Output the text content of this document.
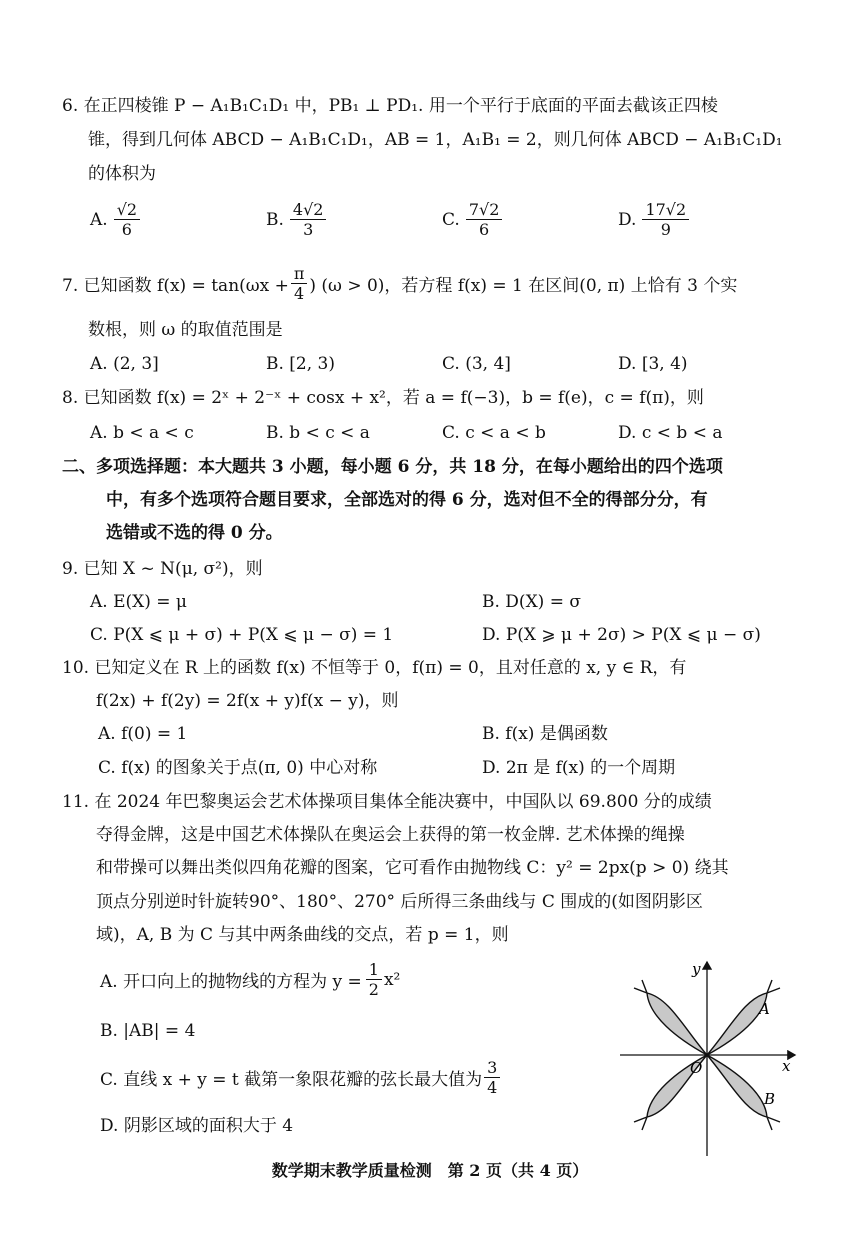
6. 在正四棱锥 P − A₁B₁C₁D₁ 中，PB₁ ⊥ PD₁. 用一个平行于底面的平面去截该正四棱
锥，得到几何体 ABCD − A₁B₁C₁D₁，AB = 1，A₁B₁ = 2，则几何体 ABCD − A₁B₁C₁D₁
的体积为
A. $\frac{√2}{6}$	B. $\frac{4√2}{3}$	C. $\frac{7√2}{6}$	D. $\frac{17√2}{9}$
7. 已知函数 $f(x) = \tan(\omega x + \frac{\pi}{4}$ ) (ω > 0)，若方程 f(x) = 1 在区间(0, π) 上恰有 3 个实
数根，则 ω 的取值范围是
A. (2, 3]	B. [2, 3)	C. (3, 4]	D. [3, 4)
8. 已知函数 f(x) = 2ˣ + 2⁻ˣ + cosx + x²，若 a = f(−3)，b = f(e)，c = f(π)，则
A. b < a < c	B. b < c < a	C. c < a < b	D. c < b < a
二、多项选择题：本大题共 3 小题，每小题 6 分，共 18 分，在每小题给出的四个选项
中，有多个选项符合题目要求，全部选对的得 6 分，选对但不全的得部分分，有
选错或不选的得 0 分。
9. 已知 X ~ N(μ, σ²)，则
A. E(X) = μ	B. D(X) = σ
C. P(X ⩽ μ + σ) + P(X ⩽ μ − σ) = 1	D. P(X ⩾ μ + 2σ) > P(X ⩽ μ − σ)
10. 已知定义在 R 上的函数 f(x) 不恒等于 0，f(π) = 0，且对任意的 x, y ∈ R，有
f(2x) + f(2y) = 2f(x + y)f(x − y)，则
A. f(0) = 1	B. f(x) 是偶函数
C. f(x) 的图象关于点(π, 0) 中心对称	D. 2π 是 f(x) 的一个周期
11. 在 2024 年巴黎奥运会艺术体操项目集体全能决赛中，中国队以 69.800 分的成绩
夺得金牌，这是中国艺术体操队在奥运会上获得的第一枚金牌. 艺术体操的绳操
和带操可以舞出类似四角花瓣的图案，它可看作由抛物线 C：y² = 2px(p > 0) 绕其
顶点分别逆时针旋转90°、180°、270° 后所得三条曲线与 C 围成的(如图阴影区
域)，A, B 为 C 与其中两条曲线的交点，若 p = 1，则
A. 开口向上的抛物线的方程为 $y = \frac{1}{2} x^2$
B. |AB| = 4
C. 直线 x + y = t 截第一象限花瓣的弦长最大值为 $\frac{3}{4}$
D. 阴影区域的面积大于 4
y
x
O
A
B
数学期末教学质量检测　第 2 页（共 4 页）
